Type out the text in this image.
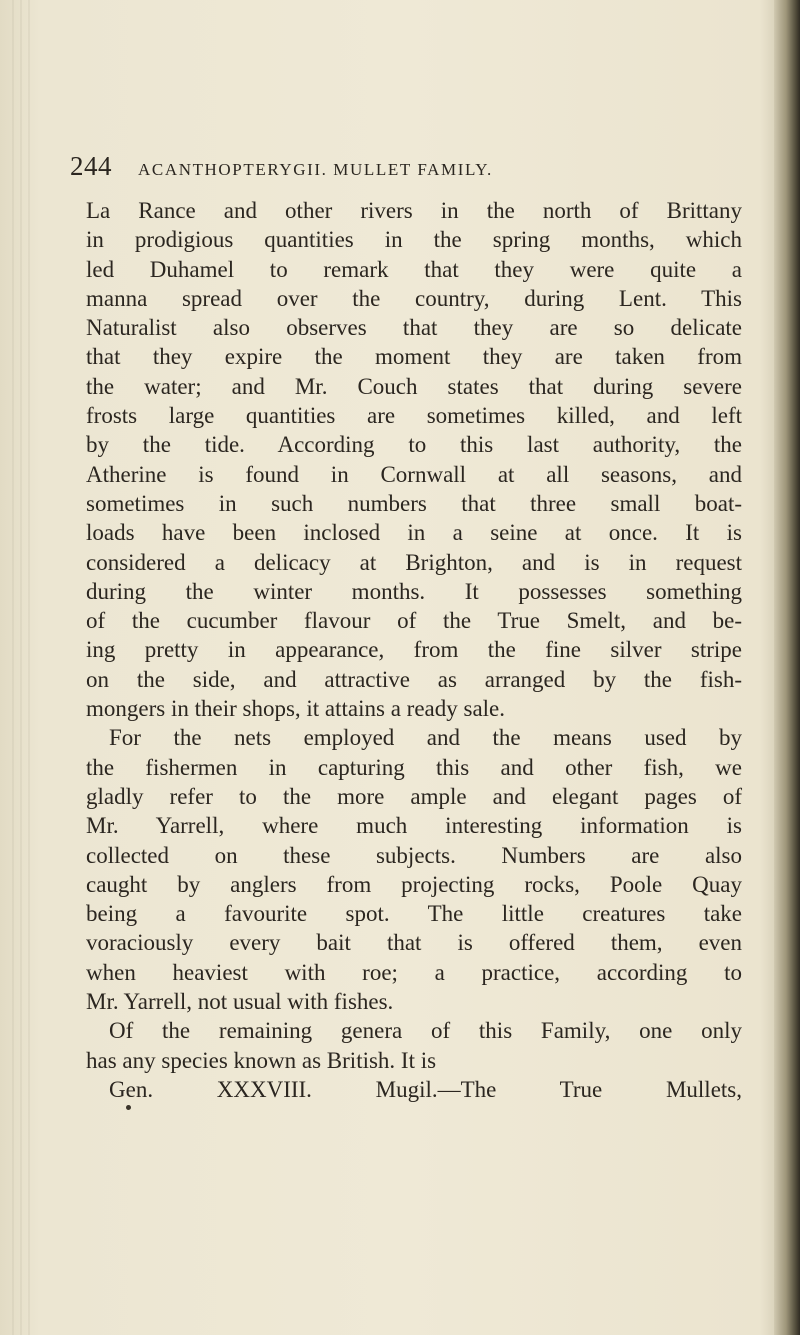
244 ACANTHOPTERYGII. MULLET FAMILY.
La Rance and other rivers in the north of Brittany
in prodigious quantities in the spring months, which
led Duhamel to remark that they were quite a
manna spread over the country, during Lent. This
Naturalist also observes that they are so delicate
that they expire the moment they are taken from
the water; and Mr. Couch states that during severe
frosts large quantities are sometimes killed, and left
by the tide. According to this last authority, the
Atherine is found in Cornwall at all seasons, and
sometimes in such numbers that three small boat-
loads have been inclosed in a seine at once. It is
considered a delicacy at Brighton, and is in request
during the winter months. It possesses something
of the cucumber flavour of the True Smelt, and be-
ing pretty in appearance, from the fine silver stripe
on the side, and attractive as arranged by the fish-
mongers in their shops, it attains a ready sale.
For the nets employed and the means used by
the fishermen in capturing this and other fish, we
gladly refer to the more ample and elegant pages of
Mr. Yarrell, where much interesting information is
collected on these subjects. Numbers are also
caught by anglers from projecting rocks, Poole Quay
being a favourite spot. The little creatures take
voraciously every bait that is offered them, even
when heaviest with roe; a practice, according to
Mr. Yarrell, not usual with fishes.
Of the remaining genera of this Family, one only
has any species known as British. It is
Gen. XXXVIII. Mugil.—The True Mullets,
